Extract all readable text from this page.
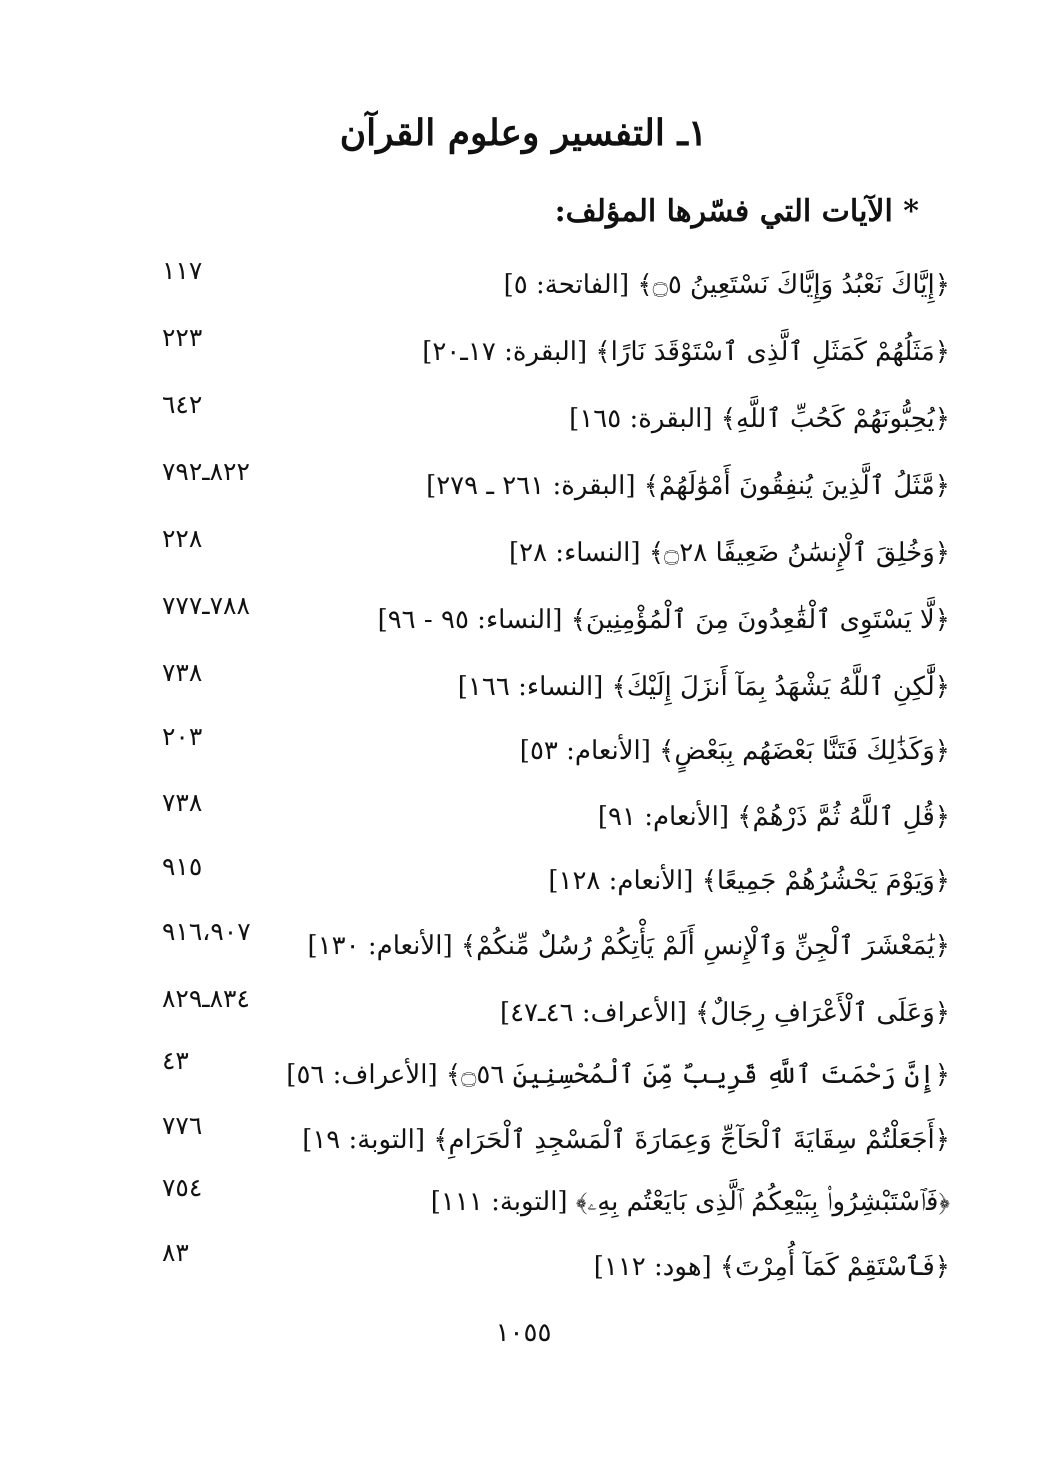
١ـ التفسير وعلوم القرآن
* الآيات التي فسّرها المؤلف:
﴿إِيَّاكَ نَعْبُدُ وَإِيَّاكَ نَسْتَعِينُ ۝٥﴾ [الفاتحة: ٥]
١١٧
﴿مَثَلُهُمْ كَمَثَلِ ٱلَّذِى ٱسْتَوْقَدَ نَارًا﴾ [البقرة: ١٧ـ٢٠]
٢٢٣
﴿يُحِبُّونَهُمْ كَحُبِّ ٱللَّهِ﴾ [البقرة: ١٦٥]
٦٤٢
﴿مَّثَلُ ٱلَّذِينَ يُنفِقُونَ أَمْوَٰلَهُمْ﴾ [البقرة: ٢٦١ ـ ٢٧٩]
٨٢٢ـ٧٩٢
﴿وَخُلِقَ ٱلْإِنسَٰنُ ضَعِيفًا ۝٢٨﴾ [النساء: ٢٨]
٢٢٨
﴿لَّا يَسْتَوِى ٱلْقَٰعِدُونَ مِنَ ٱلْمُؤْمِنِينَ﴾ [النساء: ٩٥ - ٩٦]
٧٨٨ـ٧٧٧
﴿لَّٰكِنِ ٱللَّهُ يَشْهَدُ بِمَآ أَنزَلَ إِلَيْكَ﴾ [النساء: ١٦٦]
٧٣٨
﴿وَكَذَٰلِكَ فَتَنَّا بَعْضَهُم بِبَعْضٍ﴾ [الأنعام: ٥٣]
٢٠٣
﴿قُلِ ٱللَّهُ ثُمَّ ذَرْهُمْ﴾ [الأنعام: ٩١]
٧٣٨
﴿وَيَوْمَ يَحْشُرُهُمْ جَمِيعًا﴾ [الأنعام: ١٢٨]
٩١٥
﴿يَٰمَعْشَرَ ٱلْجِنِّ وَٱلْإِنسِ أَلَمْ يَأْتِكُمْ رُسُلٌ مِّنكُمْ﴾ [الأنعام: ١٣٠]
٩١٦،٩٠٧
﴿وَعَلَى ٱلْأَعْرَافِ رِجَالٌ﴾ [الأعراف: ٤٦ـ٤٧]
٨٣٤ـ٨٢٩
﴿إِنَّ رَحْمَتَ ٱللَّهِ قَرِيبٌ مِّنَ ٱلْمُحْسِنِينَ ۝٥٦﴾ [الأعراف: ٥٦]
٤٣
﴿أَجَعَلْتُمْ سِقَايَةَ ٱلْحَآجِّ وَعِمَارَةَ ٱلْمَسْجِدِ ٱلْحَرَامِ﴾ [التوبة: ١٩]
٧٧٦
﴿فَٱسْتَبْشِرُوا۟ بِبَيْعِكُمُ ٱلَّذِى بَايَعْتُم بِهِۦ﴾ [التوبة: ١١١]
٧٥٤
﴿فَٱسْتَقِمْ كَمَآ أُمِرْتَ﴾ [هود: ١١٢]
٨٣
١٠٥٥
